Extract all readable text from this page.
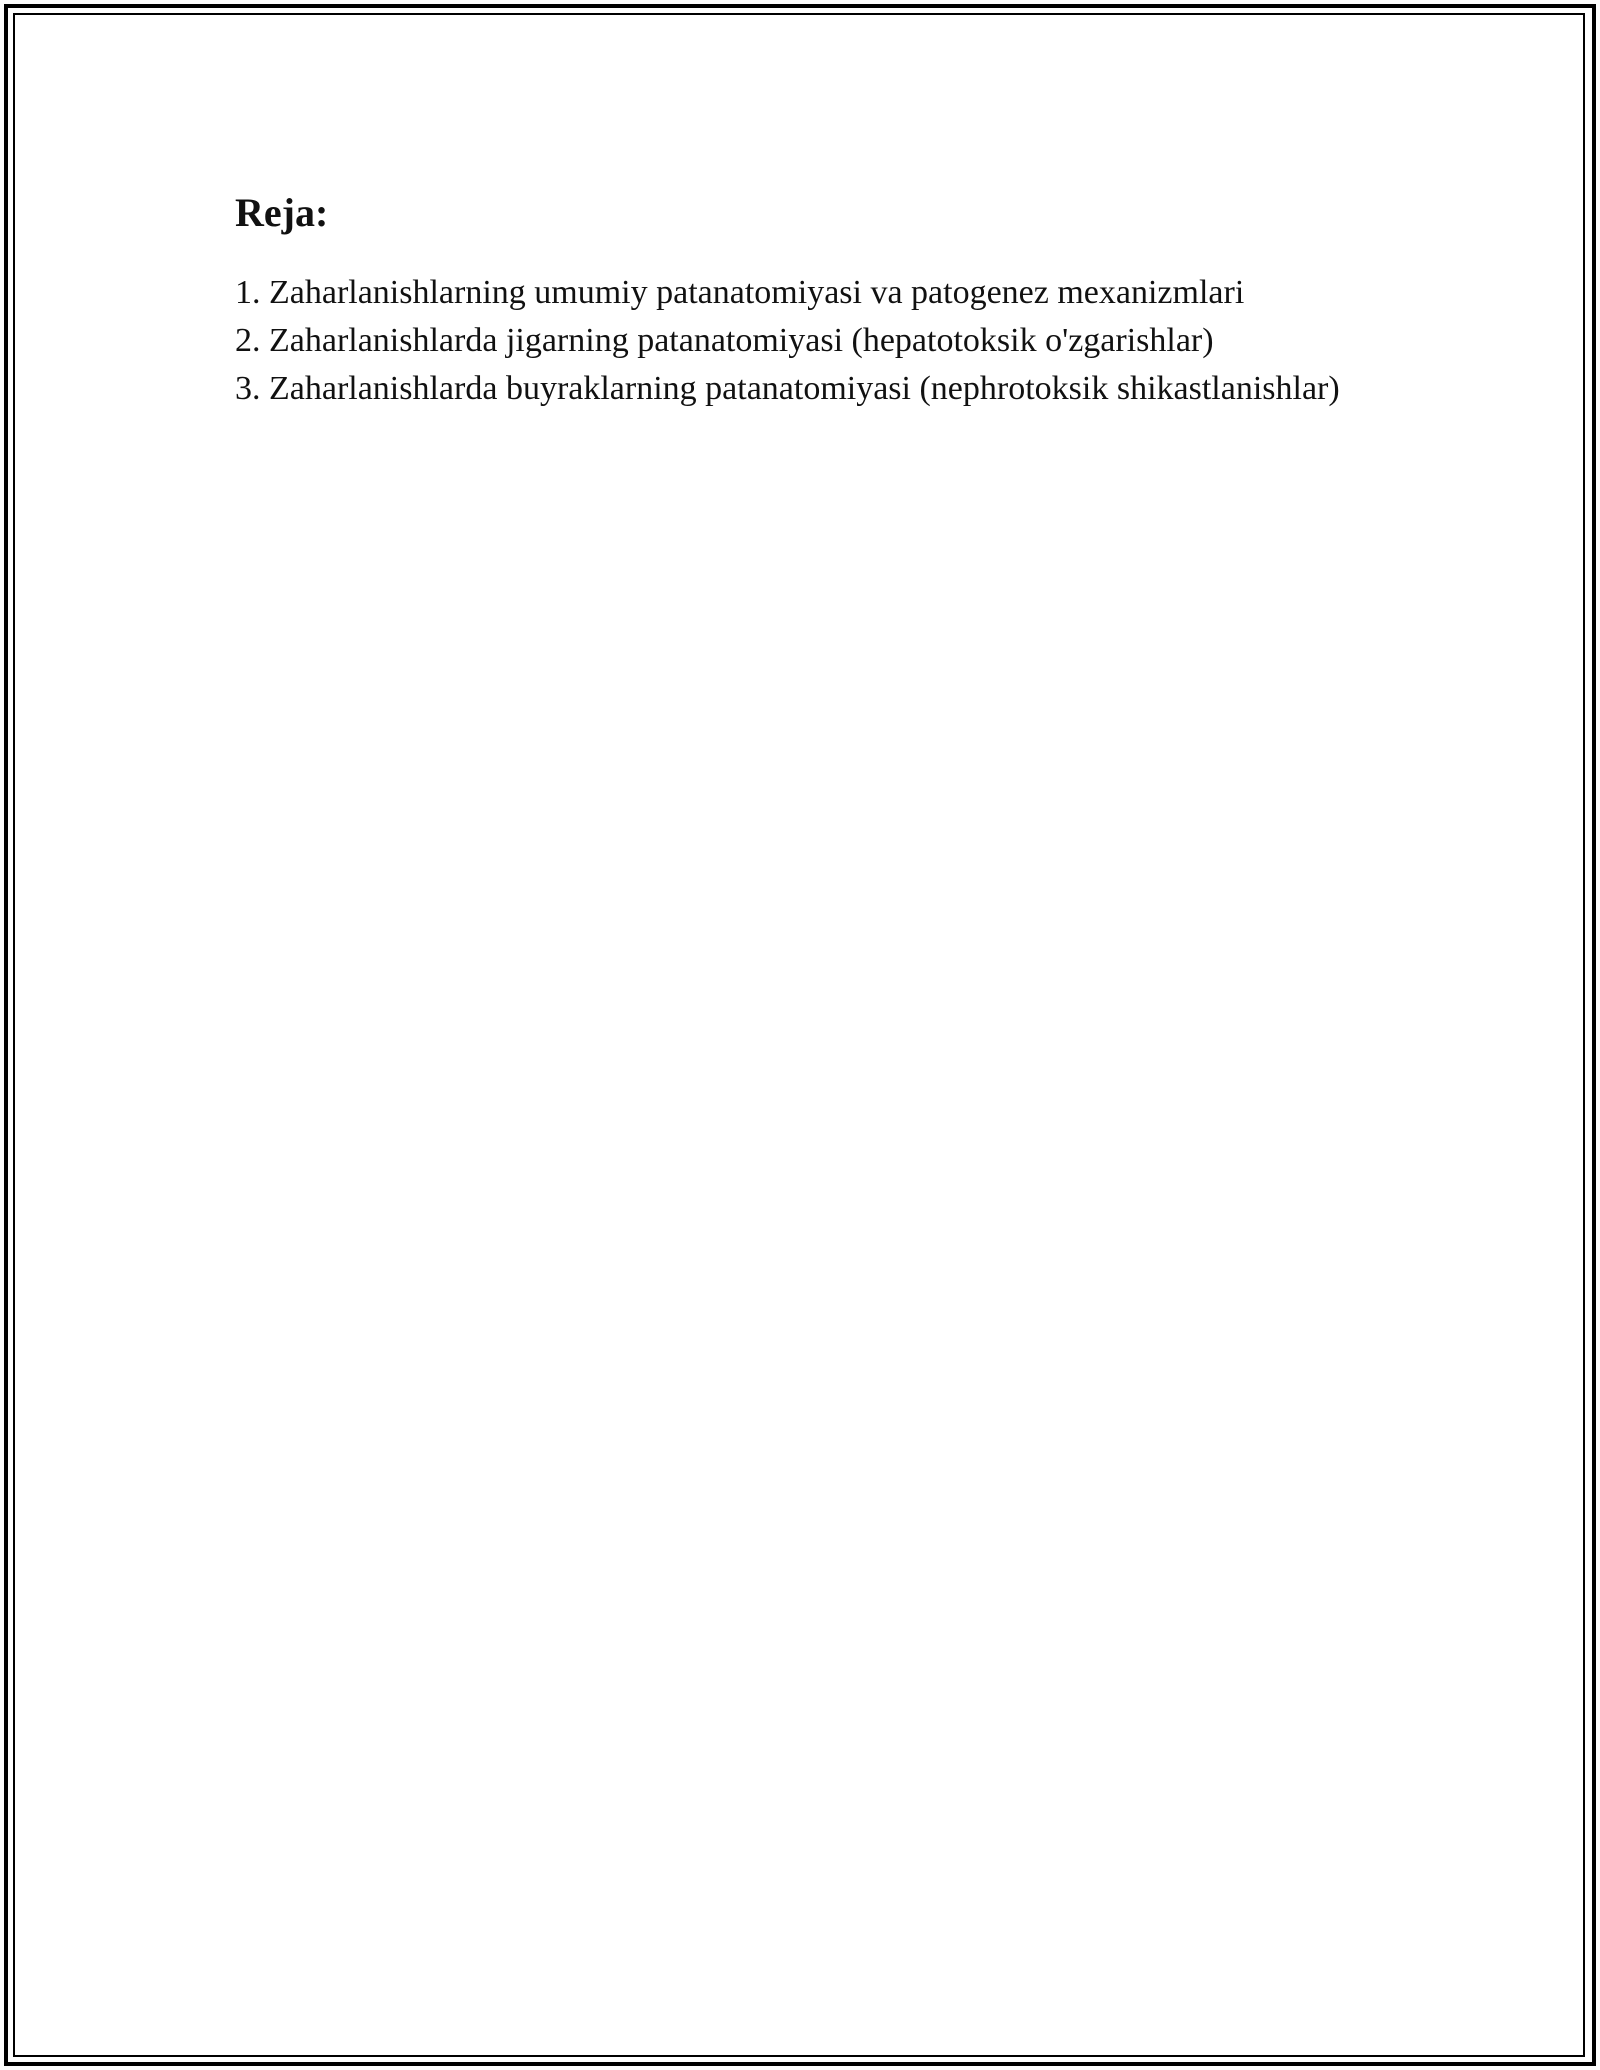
Reja:
1. Zaharlanishlarning umumiy patanatomiyasi va patogenez mexanizmlari
2. Zaharlanishlarda jigarning patanatomiyasi (hepatotoksik o'zgarishlar)
3. Zaharlanishlarda buyraklarning patanatomiyasi (nephrotoksik shikastlanishlar)
